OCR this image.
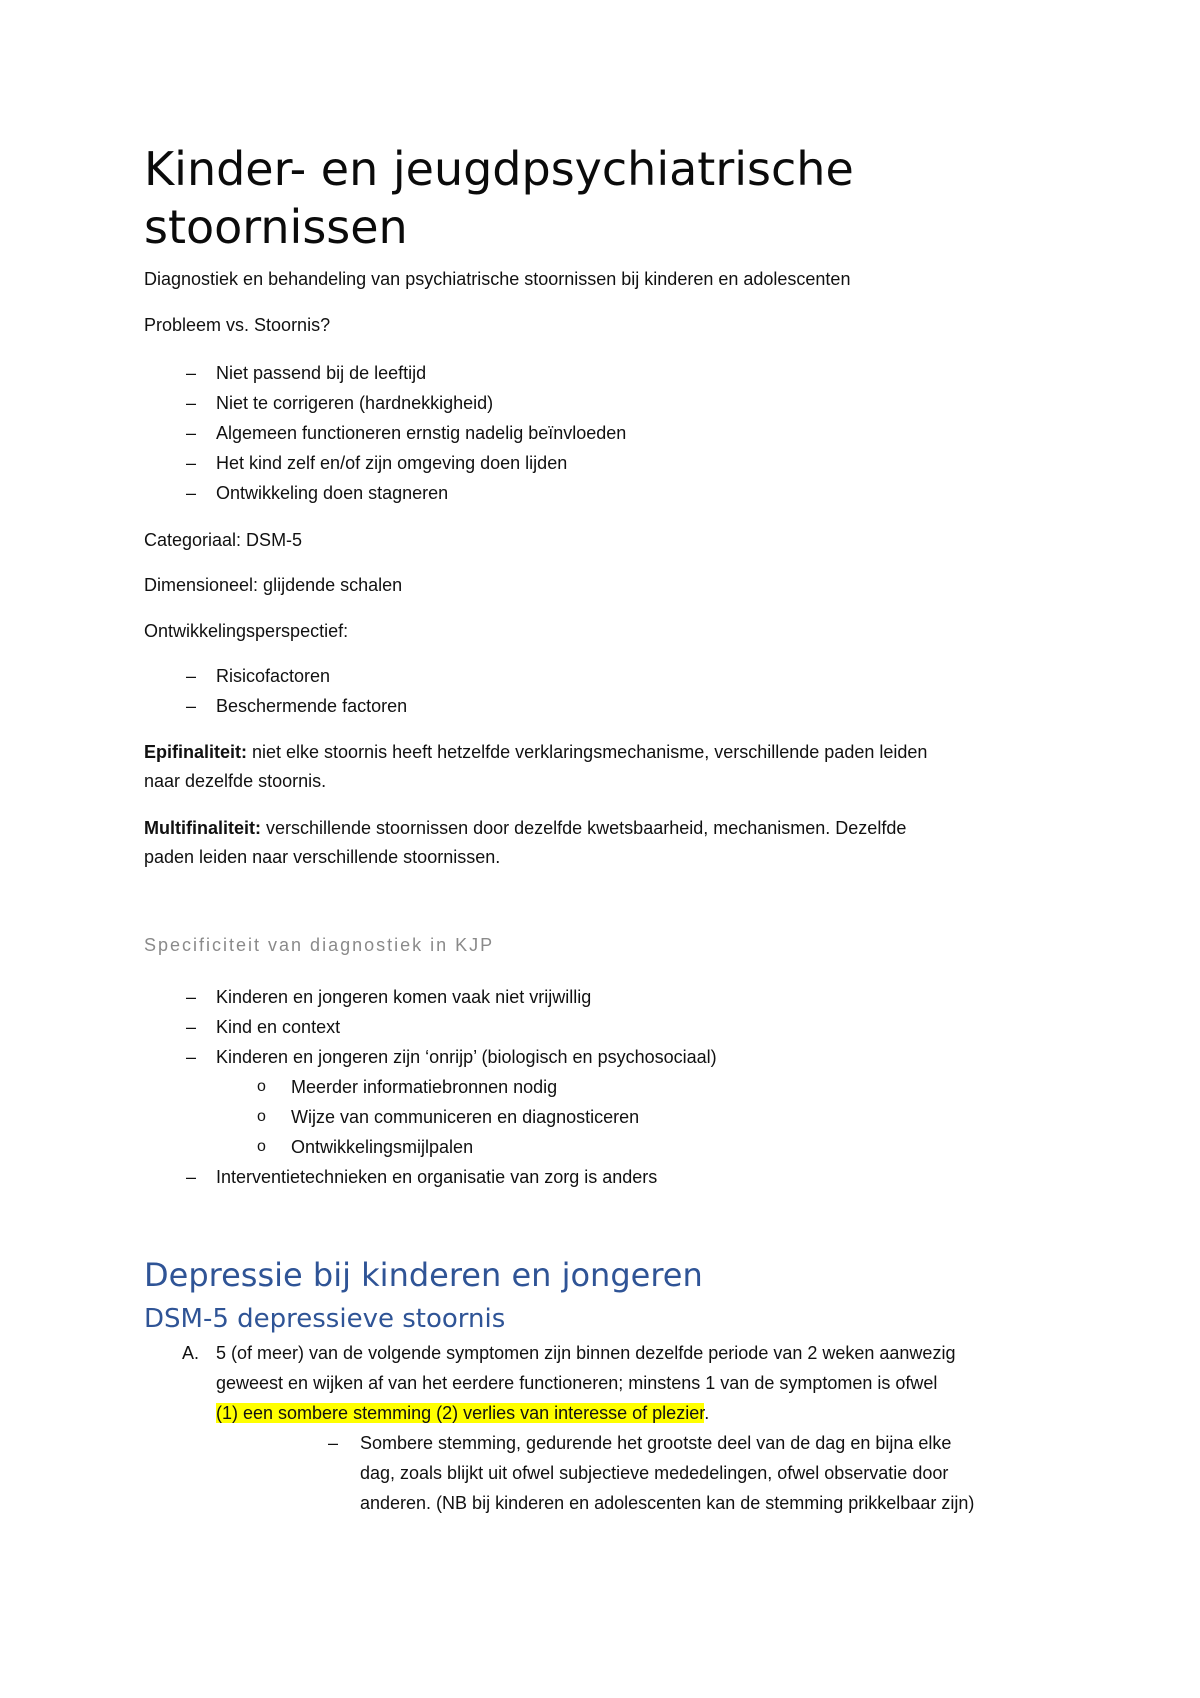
Kinder- en jeugdpsychiatrische stoornissen

Diagnostiek en behandeling van psychiatrische stoornissen bij kinderen en adolescenten

Probleem vs. Stoornis?

– Niet passend bij de leeftijd
– Niet te corrigeren (hardnekkigheid)
– Algemeen functioneren ernstig nadelig beïnvloeden
– Het kind zelf en/of zijn omgeving doen lijden
– Ontwikkeling doen stagneren

Categoriaal: DSM-5

Dimensioneel: glijdende schalen

Ontwikkelingsperspectief:

– Risicofactoren
– Beschermende factoren

Epifinaliteit: niet elke stoornis heeft hetzelfde verklaringsmechanisme, verschillende paden leiden

naar dezelfde stoornis.

Multifinaliteit: verschillende stoornissen door dezelfde kwetsbaarheid, mechanismen. Dezelfde

paden leiden naar verschillende stoornissen.

Specificiteit van diagnostiek in KJP

– Kinderen en jongeren komen vaak niet vrijwillig
– Kind en context
– Kinderen en jongeren zijn ‘onrijp’ (biologisch en psychosociaal)
o Meerder informatiebronnen nodig
o Wijze van communiceren en diagnosticeren
o Ontwikkelingsmijlpalen
– Interventietechnieken en organisatie van zorg is anders
Depressie bij kinderen en jongeren
DSM-5 depressieve stoornis
A. 5 (of meer) van de volgende symptomen zijn binnen dezelfde periode van 2 weken aanwezig
geweest en wijken af van het eerdere functioneren; minstens 1 van de symptomen is ofwel
(1) een sombere stemming (2) verlies van interesse of plezier.
– Sombere stemming, gedurende het grootste deel van de dag en bijna elke
dag, zoals blijkt uit ofwel subjectieve mededelingen, ofwel observatie door
anderen. (NB bij kinderen en adolescenten kan de stemming prikkelbaar zijn)
